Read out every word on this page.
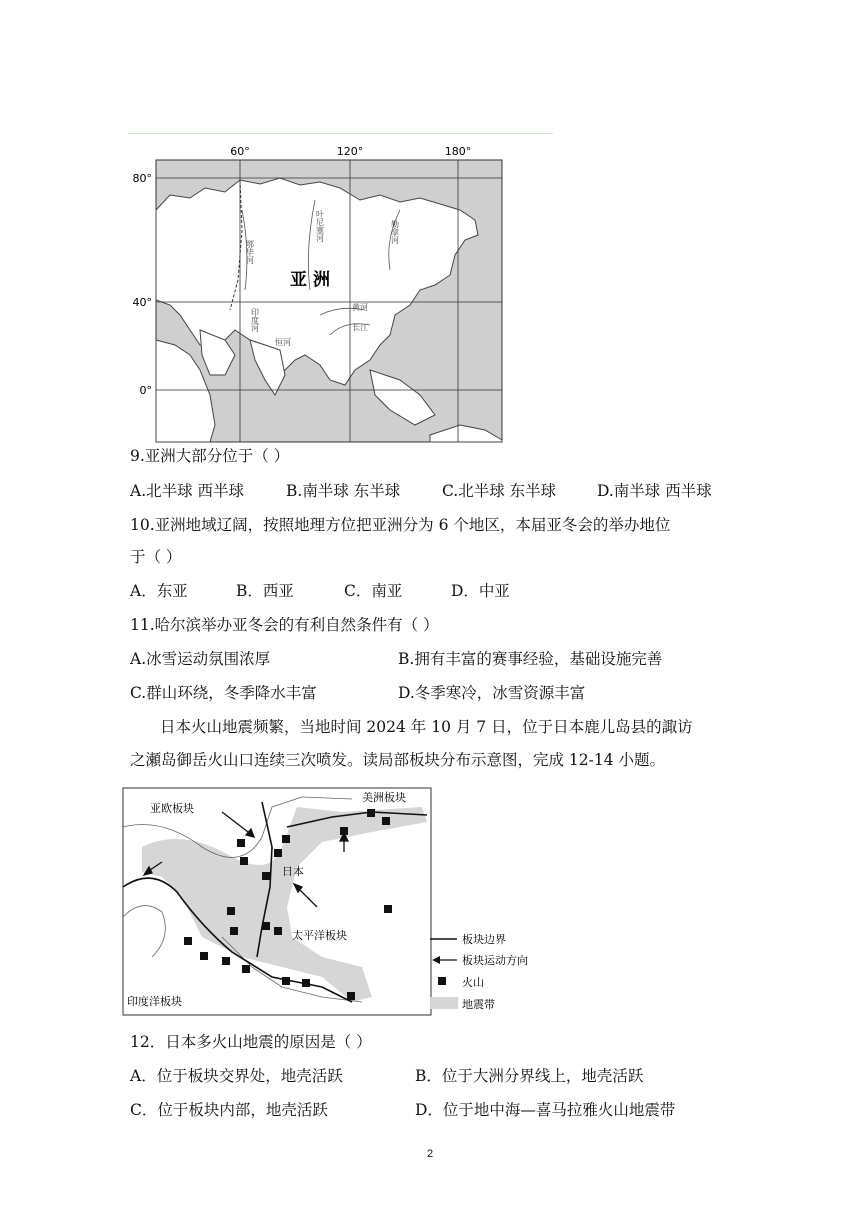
60°	120°	180°
80°
40°
0°
亚 洲
鄂毕河
叶尼塞河	勒拿河
印度河
恒河
黄河
长江
9.亚洲大部分位于（ ）
A.北半球 西半球	B.南半球 东半球	C.北半球 东半球	D.南半球 西半球
10.亚洲地域辽阔，按照地理方位把亚洲分为 6 个地区，本届亚冬会的举办地位
于（ ）
A．东亚	B．西亚	C．南亚	D．中亚
11.哈尔滨举办亚冬会的有利自然条件有（ ）
A.冰雪运动氛围浓厚	B.拥有丰富的赛事经验，基础设施完善
C.群山环绕，冬季降水丰富	D.冬季寒冷，冰雪资源丰富
日本火山地震频繁，当地时间 2024 年 10 月 7 日，位于日本鹿儿岛县的諏访
之瀬岛御岳火山口连续三次喷发。读局部板块分布示意图，完成 12-14 小题。
亚欧板块
美洲板块
日本
太平洋板块
印度洋板块
板块边界
板块运动方向
火山
地震带
12．日本多火山地震的原因是（ ）
A．位于板块交界处，地壳活跃	B．位于大洲分界线上，地壳活跃
C．位于板块内部，地壳活跃	D．位于地中海—喜马拉雅火山地震带
2
